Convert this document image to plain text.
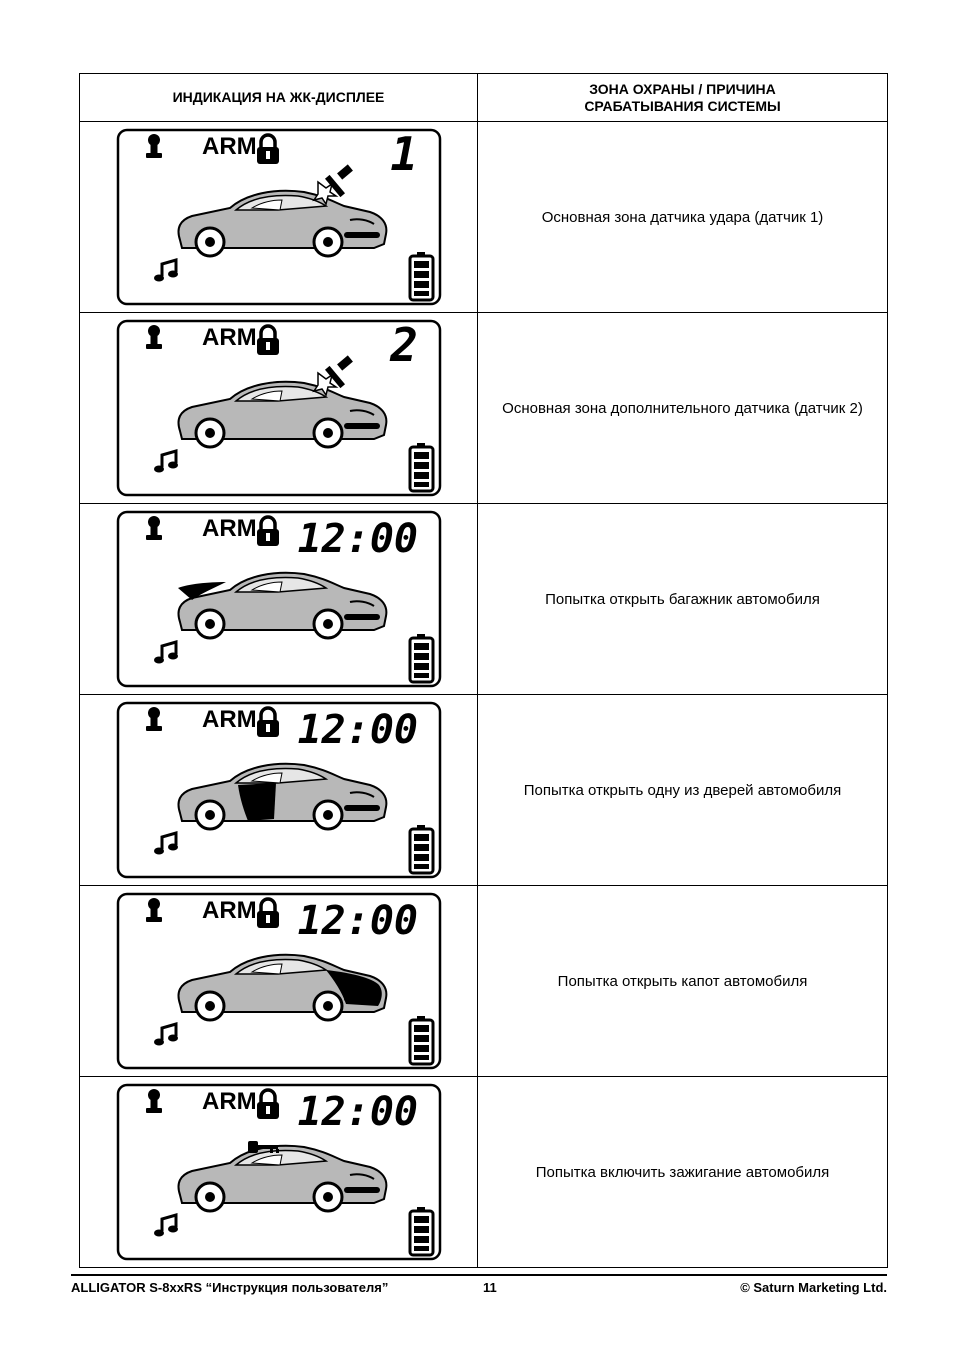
ИНДИКАЦИЯ НА ЖК-ДИСПЛЕЕ	ЗОНА ОХРАНЫ / ПРИЧИНА
СРАБАТЫВАНИЯ СИСТЕМЫ

ARM 1	Основная зона датчика удара (датчик 1)

ARM 2	Основная зона дополнительного датчика (датчик 2)

ARM 12:00	Попытка открыть багажник автомобиля

ARM 12:00	Попытка открыть одну из дверей автомобиля

ARM 12:00	Попытка открыть капот автомобиля

ARM 12:00	Попытка включить зажигание автомобиля
ALLIGATOR S-8xxRS “Инструкция пользователя”	11	© Saturn Marketing Ltd.
